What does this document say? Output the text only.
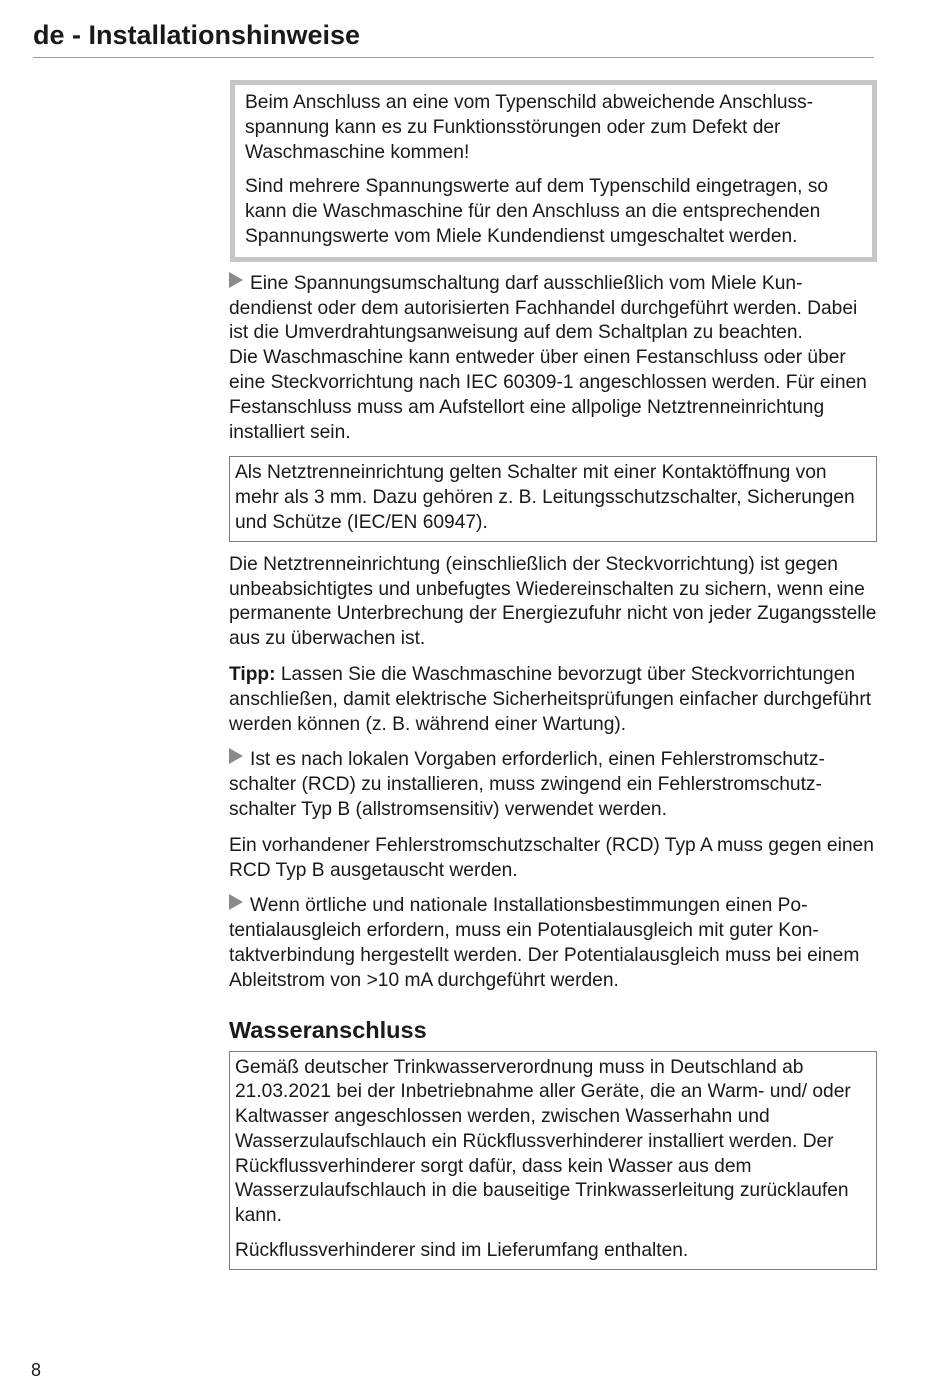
de - Installationshinweise

Beim Anschluss an eine vom Typenschild abweichende Anschlussspannung kann es zu Funktionsstörungen oder zum Defekt der Waschmaschine kommen!

Sind mehrere Spannungswerte auf dem Typenschild eingetragen, so kann die Waschmaschine für den Anschluss an die entsprechenden Spannungswerte vom Miele Kundendienst umgeschaltet werden.

Eine Spannungsumschaltung darf ausschließlich vom Miele Kundendienst oder dem autorisierten Fachhandel durchgeführt werden. Dabei ist die Umverdrahtungsanweisung auf dem Schaltplan zu beachten.

Die Waschmaschine kann entweder über einen Festanschluss oder über eine Steckvorrichtung nach IEC 60309-1 angeschlossen werden. Für einen Festanschluss muss am Aufstellort eine allpolige Netztrenneinrichtung installiert sein.

Als Netztrenneinrichtung gelten Schalter mit einer Kontaktöffnung von mehr als 3 mm. Dazu gehören z. B. Leitungsschutzschalter, Sicherungen und Schütze (IEC/EN 60947).

Die Netztrenneinrichtung (einschließlich der Steckvorrichtung) ist gegen unbeabsichtigtes und unbefugtes Wiedereinschalten zu sichern, wenn eine permanente Unterbrechung der Energiezufuhr nicht von jeder Zugangsstelle aus zu überwachen ist.

Tipp: Lassen Sie die Waschmaschine bevorzugt über Steckvorrichtungen anschließen, damit elektrische Sicherheitsprüfungen einfacher durchgeführt werden können (z. B. während einer Wartung).

Ist es nach lokalen Vorgaben erforderlich, einen Fehlerstromschutzschalter (RCD) zu installieren, muss zwingend ein Fehlerstromschutzschalter Typ B (allstromsensitiv) verwendet werden.

Ein vorhandener Fehlerstromschutzschalter (RCD) Typ A muss gegen einen RCD Typ B ausgetauscht werden.

Wenn örtliche und nationale Installationsbestimmungen einen Potentialausgleich erfordern, muss ein Potentialausgleich mit guter Kontaktverbindung hergestellt werden. Der Potentialausgleich muss bei einem Ableitstrom von >10 mA durchgeführt werden.

Wasseranschluss

Gemäß deutscher Trinkwasserverordnung muss in Deutschland ab 21.03.2021 bei der Inbetriebnahme aller Geräte, die an Warm- und/ oder Kaltwasser angeschlossen werden, zwischen Wasserhahn und Wasserzulaufschlauch ein Rückflussverhinderer installiert werden. Der Rückflussverhinderer sorgt dafür, dass kein Wasser aus dem Wasserzulaufschlauch in die bauseitige Trinkwasserleitung zurücklaufen kann.

Rückflussverhinderer sind im Lieferumfang enthalten.

8
